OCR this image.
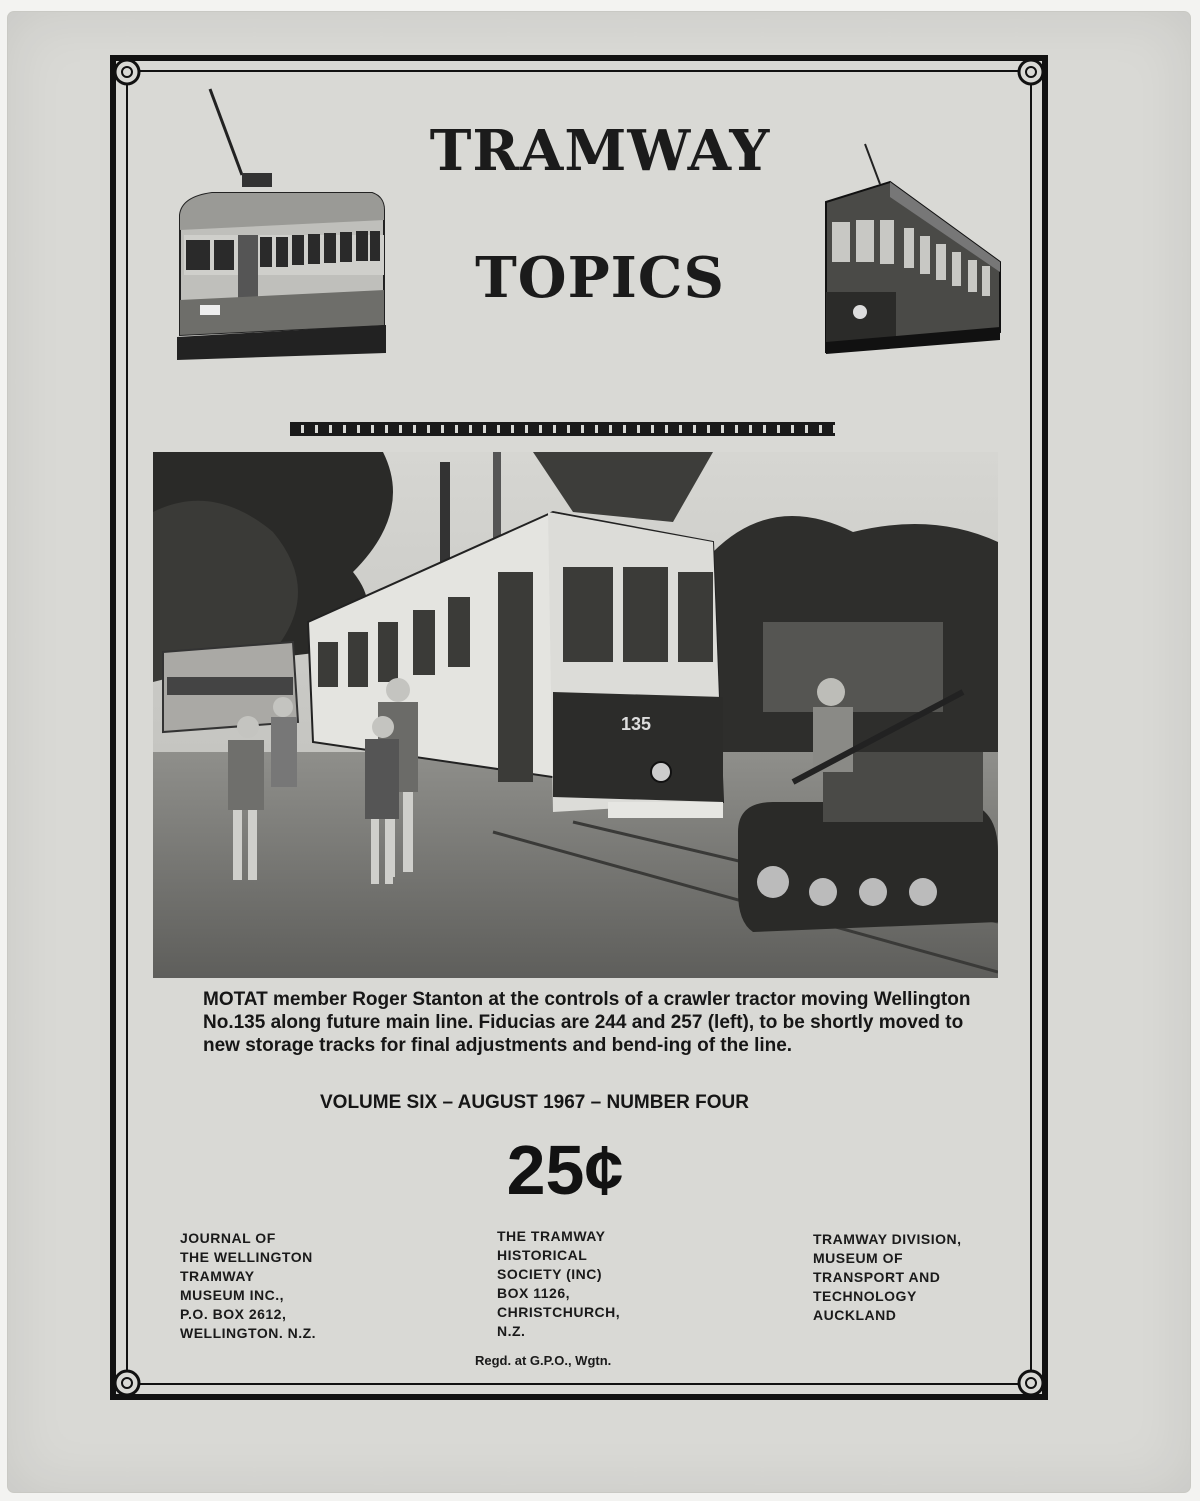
TRAMWAY
TOPICS
135
MOTAT member Roger Stanton at the controls of a crawler tractor moving Wellington No.135 along future main line. Fiducias are 244 and 257 (left), to be shortly moved to new storage tracks for final adjustments and bend-ing of the line.
VOLUME SIX – AUGUST 1967 – NUMBER FOUR
25¢
JOURNAL OF
THE WELLINGTON
TRAMWAY
MUSEUM INC.,
P.O. BOX 2612,
WELLINGTON. N.Z.
THE TRAMWAY
HISTORICAL
SOCIETY (INC)
BOX 1126,
CHRISTCHURCH,
N.Z.
TRAMWAY DIVISION,
MUSEUM OF
TRANSPORT AND
TECHNOLOGY
AUCKLAND
Regd. at G.P.O., Wgtn.
